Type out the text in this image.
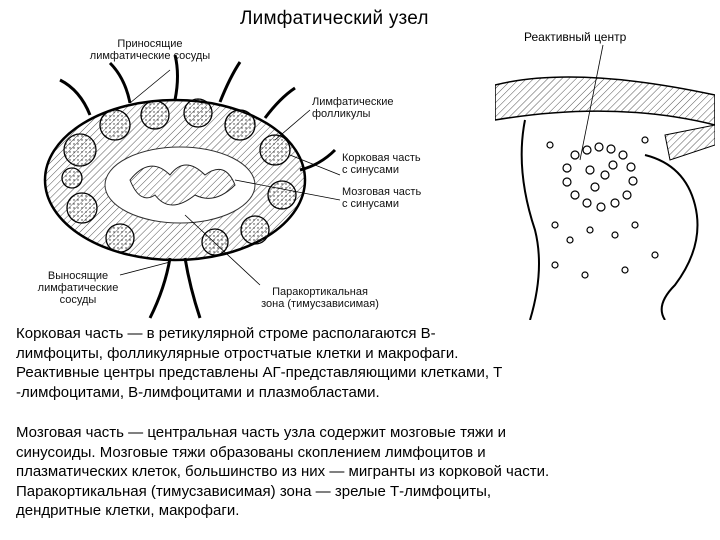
Лимфатический узел
Приносящие
лимфатические сосуды
Лимфатические
фолликулы
Корковая часть
с синусами
Мозговая часть
с синусами
Выносящие
лимфатические
сосуды
Паракортикальная
зона (тимусзависимая)
Реактивный центр
Корковая часть — в ретикулярной строме располагаются В-
лимфоциты, фолликулярные отростчатые клетки и макрофаги.
Реактивные центры представлены АГ-представляющими клетками, Т
-лимфоцитами, В-лимфоцитами и плазмобластами.
Мозговая часть — центральная часть узла содержит мозговые тяжи и
синусоиды. Мозговые тяжи образованы скоплением лимфоцитов и
плазматических клеток, большинство из них — мигранты из корковой части.
Паракортикальная (тимусзависимая) зона — зрелые Т-лимфоциты,
дендритные клетки, макрофаги.
